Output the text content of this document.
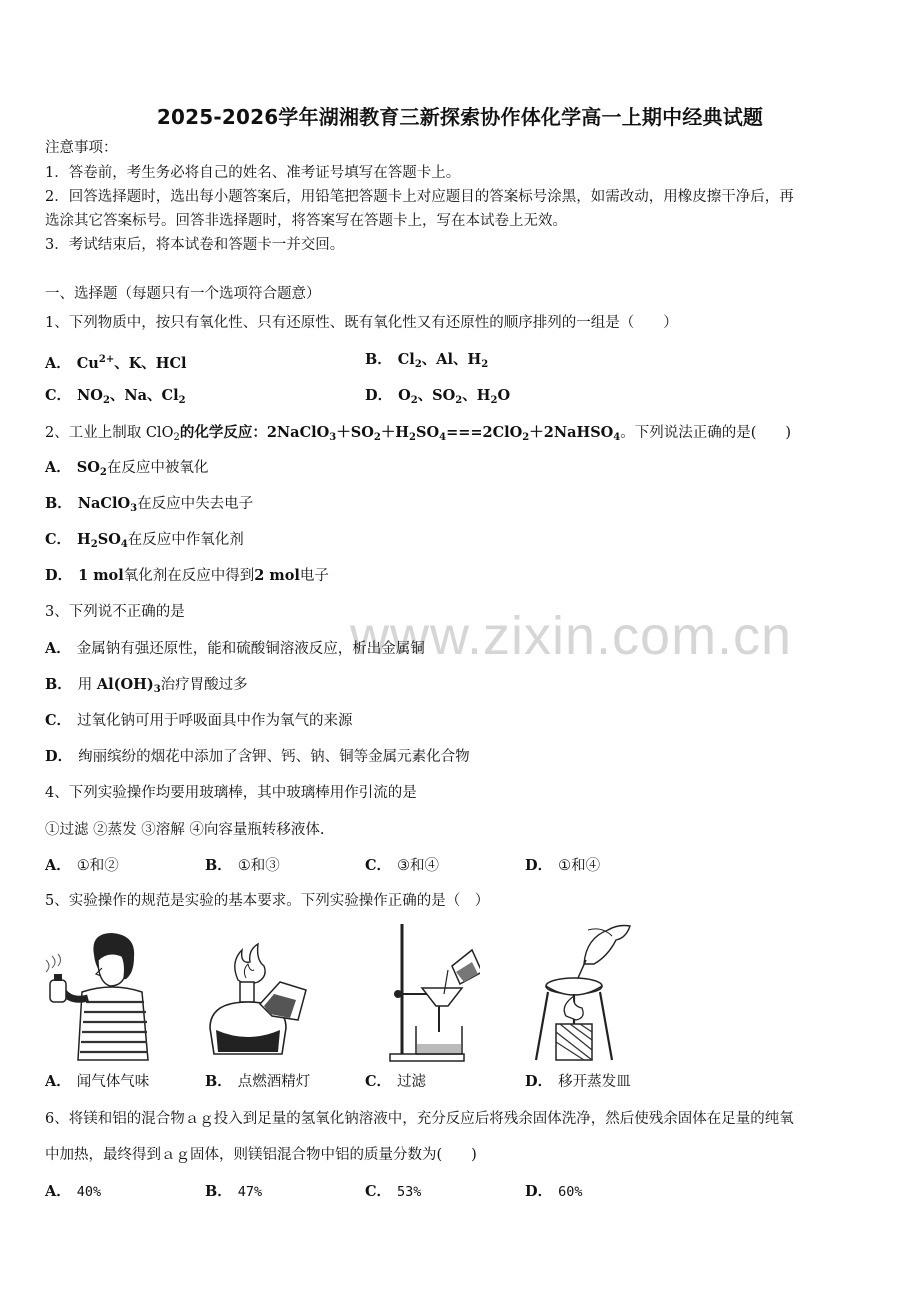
2025-2026学年湖湘教育三新探索协作体化学高一上期中经典试题
注意事项：
1．答卷前，考生务必将自己的姓名、准考证号填写在答题卡上。
2．回答选择题时，选出每小题答案后，用铅笔把答题卡上对应题目的答案标号涂黑，如需改动，用橡皮擦干净后，再
选涂其它答案标号。回答非选择题时，将答案写在答题卡上，写在本试卷上无效。
3．考试结束后，将本试卷和答题卡一并交回。
一、选择题（每题只有一个选项符合题意）
1、下列物质中，按只有氧化性、只有还原性、既有氧化性又有还原性的顺序排列的一组是（　　）
A． $Cu^{2+}$、K、HCl	B． $Cl_2$、Al、$H_2$
C． $NO_2$、Na、$Cl_2$	D． $O_2$、$SO_2$、$H_2O$
2、工业上制取 ClO$_2$的化学反应：$2NaClO_3+SO_2+H_2SO_4===2ClO_2+2NaHSO_4$。下列说法正确的是(　　)
A． $SO_2$在反应中被氧化
B． NaClO$_3$在反应中失去电子
C． $H_2SO_4$在反应中作氧化剂
D． 1 mol氧化剂在反应中得到2 mol电子
www.zixin.com.cn
3、下列说不正确的是
A． 金属钠有强还原性，能和硫酸铜溶液反应，析出金属铜
B． 用 $Al(OH)_3$治疗胃酸过多
C． 过氧化钠可用于呼吸面具中作为氧气的来源
D． 绚丽缤纷的烟花中添加了含钾、钙、钠、铜等金属元素化合物
4、下列实验操作均要用玻璃棒，其中玻璃棒用作引流的是
①过滤 ②蒸发 ③溶解 ④向容量瓶转移液体.
A． ①和②	B． ①和③	C． ③和④	D． ①和④
5、实验操作的规范是实验的基本要求。下列实验操作正确的是（　）
A． 闻气体气味	B． 点燃酒精灯	C． 过滤	D． 移开蒸发皿
6、将镁和铝的混合物ａｇ投入到足量的氢氧化钠溶液中，充分反应后将残余固体洗净，然后使残余固体在足量的纯氧
中加热，最终得到ａｇ固体，则镁铝混合物中铝的质量分数为(　　)
A． 40%	B． 47%	C． 53%	D． 60%
